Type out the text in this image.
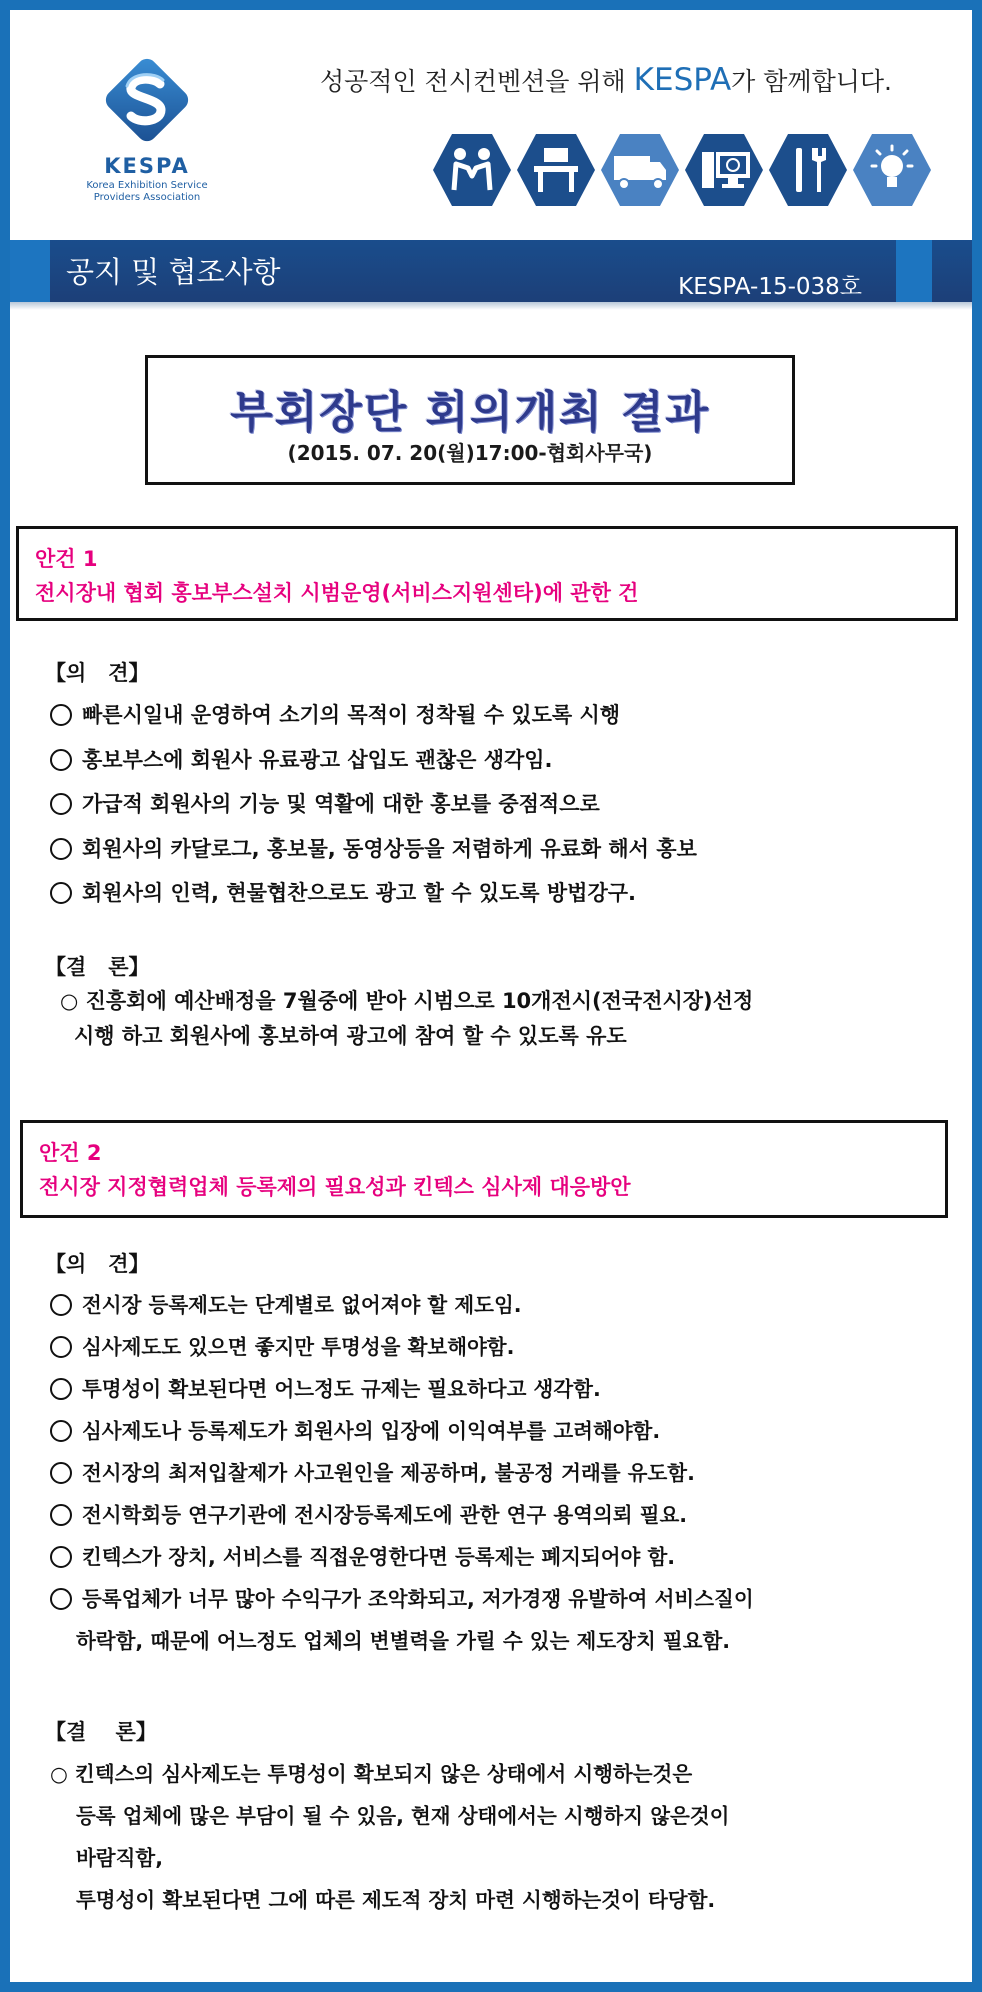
KESPA
Korea Exhibition Service
Providers Association
성공적인 전시컨벤션을 위해 KESPA가 함께합니다.
공지 및 협조사항	KESPA-15-038호
부회장단 회의개최 결과
(2015. 07. 20(월)17:00-협회사무국)
안건 1
전시장내 협회 홍보부스설치 시범운영(서비스지원센타)에 관한 건
【의   견】
빠른시일내 운영하여 소기의 목적이 정착될 수 있도록 시행
홍보부스에 회원사 유료광고 삽입도 괜찮은 생각임.
가급적 회원사의 기능 및 역활에 대한 홍보를 중점적으로
회원사의 카달로그, 홍보물, 동영상등을 저렴하게 유료화 해서 홍보
회원사의 인력, 현물협찬으로도 광고 할 수 있도록 방법강구.
【결   론】
○ 진흥회에 예산배정을 7월중에 받아 시범으로 10개전시(전국전시장)선정
시행 하고 회원사에 홍보하여 광고에 참여 할 수 있도록 유도
안건 2
전시장 지정협력업체 등록제의 필요성과 킨텍스 심사제 대응방안
【의   견】
전시장 등록제도는 단계별로 없어져야 할 제도임.
심사제도도 있으면 좋지만 투명성을 확보해야함.
투명성이 확보된다면 어느정도 규제는 필요하다고 생각함.
심사제도나 등록제도가 회원사의 입장에 이익여부를 고려해야함.
전시장의 최저입찰제가 사고원인을 제공하며, 불공정 거래를 유도함.
전시학회등 연구기관에 전시장등록제도에 관한 연구 용역의뢰 필요.
킨텍스가 장치, 서비스를 직접운영한다면 등록제는 폐지되어야 함.
등록업체가 너무 많아 수익구가 조악화되고, 저가경쟁 유발하여 서비스질이
하락함, 때문에 어느정도 업체의 변별력을 가릴 수 있는 제도장치 필요함.
【결    론】
○ 킨텍스의 심사제도는 투명성이 확보되지 않은 상태에서 시행하는것은
등록 업체에 많은 부담이 될 수 있음, 현재 상태에서는 시행하지 않은것이
바람직함,
투명성이 확보된다면 그에 따른 제도적 장치 마련 시행하는것이 타당함.
